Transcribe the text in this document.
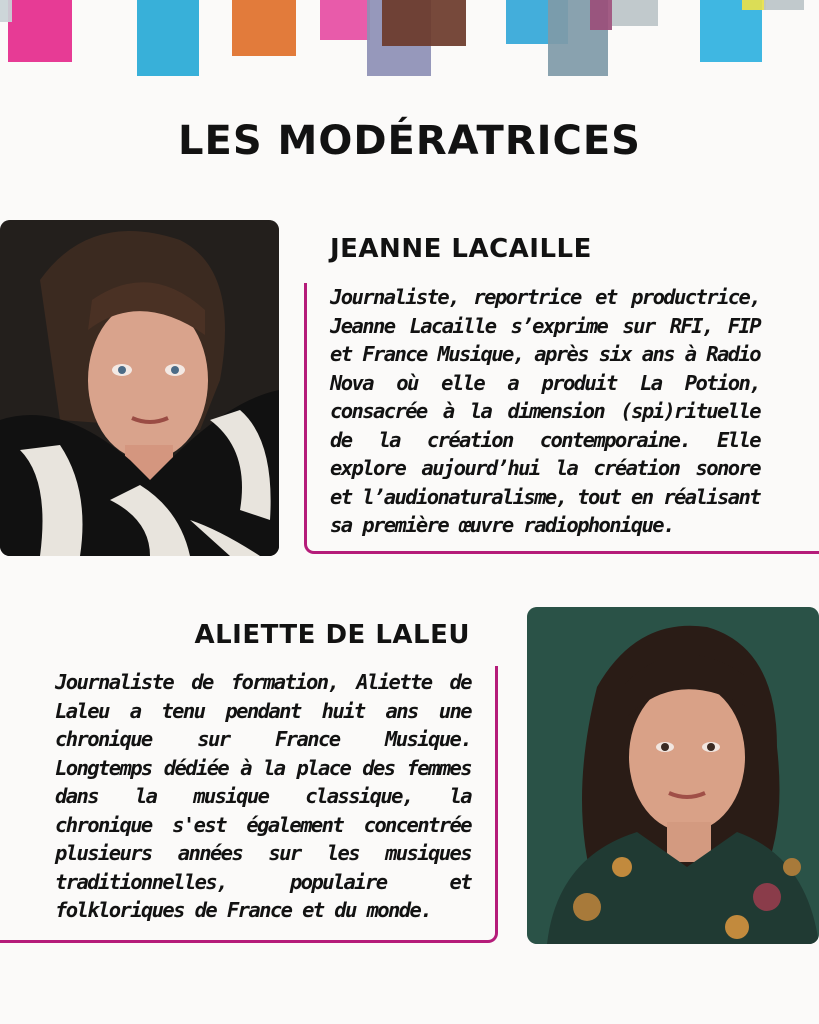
LES MODÉRATRICES
JEANNE LACAILLE

Journaliste, reportrice et productrice, Jeanne Lacaille s’exprime sur RFI, FIP et France Musique, après six ans à Radio Nova où elle a produit La Potion, consacrée à la dimension (spi)rituelle de la création contemporaine. Elle explore aujourd’hui la création sonore et l’audionaturalisme, tout en réalisant sa première œuvre radiophonique.

ALIETTE DE LALEU

Journaliste de formation, Aliette de Laleu a tenu pendant huit ans une chronique sur France Musique. Longtemps dédiée à la place des femmes dans la musique classique, la chronique s'est également concentrée plusieurs années sur les musiques traditionnelles, populaire et folkloriques de France et du monde.
